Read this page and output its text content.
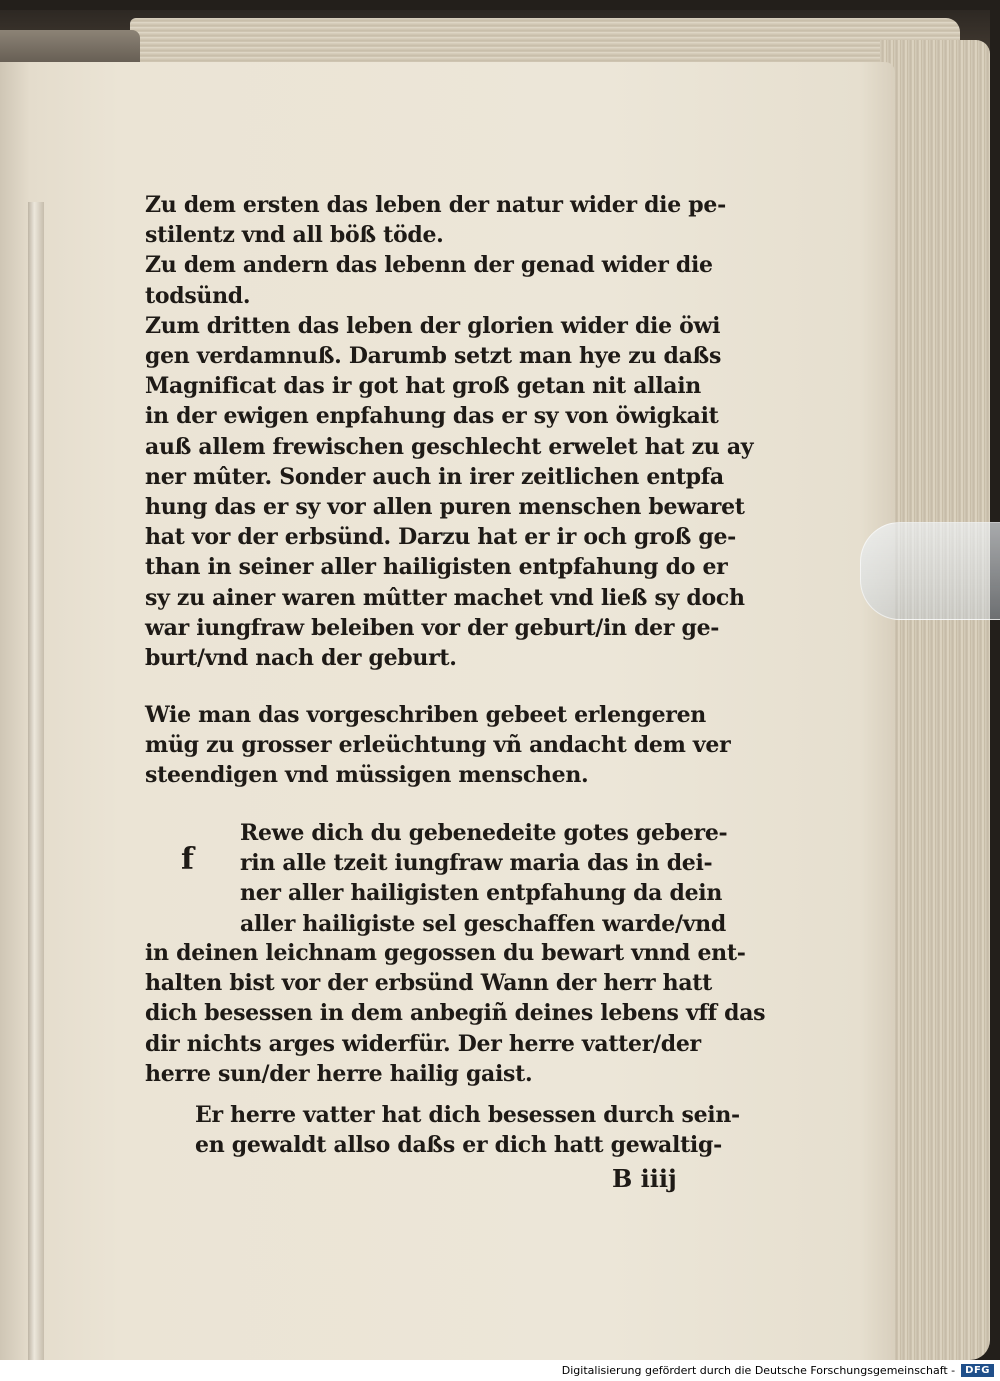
Zu dem ersten das leben der natur wider die pe-

stilentz vnd all böß töde.

Zu dem andern das lebenn der genad wider die

todsünd.

Zum dritten das leben der glorien wider die öwi

gen verdamnuß. Darumb setzt man hye zu daßs

Magnificat das ir got hat groß getan nit allain

in der ewigen enpfahung das er sy von öwigkait

auß allem frewischen geschlecht erwelet hat zu ay

ner mûter. Sonder auch in irer zeitlichen entpfa

hung das er sy vor allen puren menschen bewaret

hat vor der erbsünd. Darzu hat er ir och groß ge-

than in seiner aller hailigisten entpfahung do er

sy zu ainer waren mûtter machet vnd ließ sy doch

war iungfraw beleiben vor der geburt/in der ge-

burt/vnd nach der geburt.

Wie man das vorgeschriben gebeet erlengeren

müg zu grosser erleüchtung vñ andacht dem ver

steendigen vnd müssigen menschen.

f

Rewe dich du gebenedeite gotes gebere-

rin alle tzeit iungfraw maria das in dei-

ner aller hailigisten entpfahung da dein

aller hailigiste sel geschaffen warde/vnd

in deinen leichnam gegossen du bewart vnnd ent-

halten bist vor der erbsünd Wann der herr hatt

dich besessen in dem anbegiñ deines lebens vff das

dir nichts arges widerfür. Der herre vatter/der

herre sun/der herre hailig gaist.

Er herre vatter hat dich besessen durch sein-

en gewaldt allso daßs er dich hatt gewaltig-

B iiij
Digitalisierung gefördert durch die Deutsche Forschungsgemeinschaft -	DFG
